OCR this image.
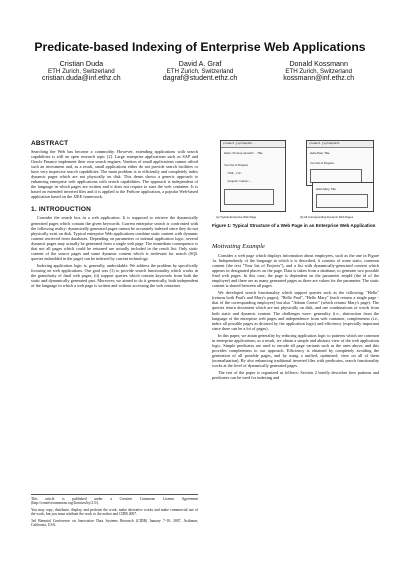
Predicate-based Indexing of Enterprise Web Applications
Cristian Duda
ETH Zurich, Switzerland
cristian.duda@inf.ethz.ch
David A. Graf
ETH Zurich, Switzerland
dagraf@student.ethz.ch
Donald Kossmann
ETH Zurich, Switzerland
kossmann@inf.ethz.ch
ABSTRACT

Searching the Web has become a commodity. However, extending applications with search capabilities is still an open research topic [2]. Large enterprise applications such as SAP and Oracle Finance implement their own search engines. Vendors of small applications cannot afford such an investment and, as a result, small applications either do not provide search facilities or have very imprecise search capabilities. The main problem is to efficiently and completely index dynamic pages which are not physically on disk. This demo shows a generic approach to enhancing enterprise web applications with search capabilities. The approach is independent of the language in which pages are written and it does not require to start the web container. It is based on extended inverted files and it is applied to the FnStore application, a popular Web-based application based on the J2EE framework.

1. INTRODUCTION

Consider the search box in a web application. It is supposed to retrieve the dynamically generated pages which contain the given keywords. Current enterprise search is confronted with the following reality: dynamically generated pages cannot be accurately indexed since they do not physically exist on disk. Typical enterprise Web applications combine static content with dynamic content retrieved from databases. Depending on parameters or internal application logic, several dynamic pages may actually be generated from a single web page. The immediate consequence is that not all pages which could be returned are actually included in the result list: Only static content of the source pages and some dynamic content which is irrelevant for search (SQL queries embedded in the page) can be indexed by current technology.

Indexing application logic is, generally, undecidable. We address the problem by specifically focusing on web applications. Our goal was (1) to provide search functionality which works in the granularity of final web pages, (ii) support queries which contain keywords from both the static and dynamically generated part. Moreover, we aimed to do it generically, both independent of the language in which a web page is written and without accessing the web container.

This article is published under a Creative Commons License Agreement (http://creativecommons.org/licenses/by/2.5/).

You may copy, distribute, display, and perform the work, make derivative works and make commercial use of the work, but you must attribute the work to the author and CIDR 2007.

3rd Biennial Conference on Innovative Data Systems Research (CIDR) January 7-10, 2007, Asilomar, California, USA.

product.jsp?empId=...
Hello <%=emp.name%> ...Title
Your list of Projects
<%if(...) %>
<project><name> ...
product.jsp?empId=1
Hello Paul, Title
Your list of Projects
Hello Mary, Title
(a) Typical Enterprise Web Page	(b) All Corresponding Dynamic Web Pages
Figure 1: Typical Structure of a Web Page in an Enterprise Web Application
Motivating Example

Consider a web page which displays information about employees, such as the one in Figure 1a. Independently of the language in which it is described, it consists of some static, common content (the text "Your list of Projects"), and a list with dynamically-generated content which appears in designated places on the page. Data is taken from a database, to generate two possible final web pages. In this case, the page is dependent on the parameter empId (the id of the employee) and there are as many generated pages as there are values for the parameter. The static content is shared between all pages.

We developed search functionality which support queries such as the following: "Hello" (returns both Paul's and Mary's pages); "Hello Paul", "Hello Mary" (each returns a single page - that of the corresponding employee) but also "Admin Center" (which returns Mary's page). The queries return document which are not physically on disk, and use combinations of words from both static and dynamic content. The challenges were: generality (i.e., abstraction from the language of the enterprise web pages and independence from web container, completeness (i.e., index all possible pages as dictated by the application logic) and efficiency (especially important since there can be a lot of pages).

In this paper, we attain generality by reducing application logic to patterns which are common in enterprise applications; as a result, we obtain a simple and abstract view of the web application logic. Simple predicates are used to encode all page variants such as the ones above, and this provides completeness to our approach. Efficiency is obtained by completely avoiding the generation of all possible pages, and by using a unified, optimized, view on all of them (normalization). By also enhancing traditional inverted files with predicates, search functionality works at the level of dynamically generated pages.

The rest of the paper is organized as follows: Section 2 briefly describes how patterns and predicates can be used for indexing and
